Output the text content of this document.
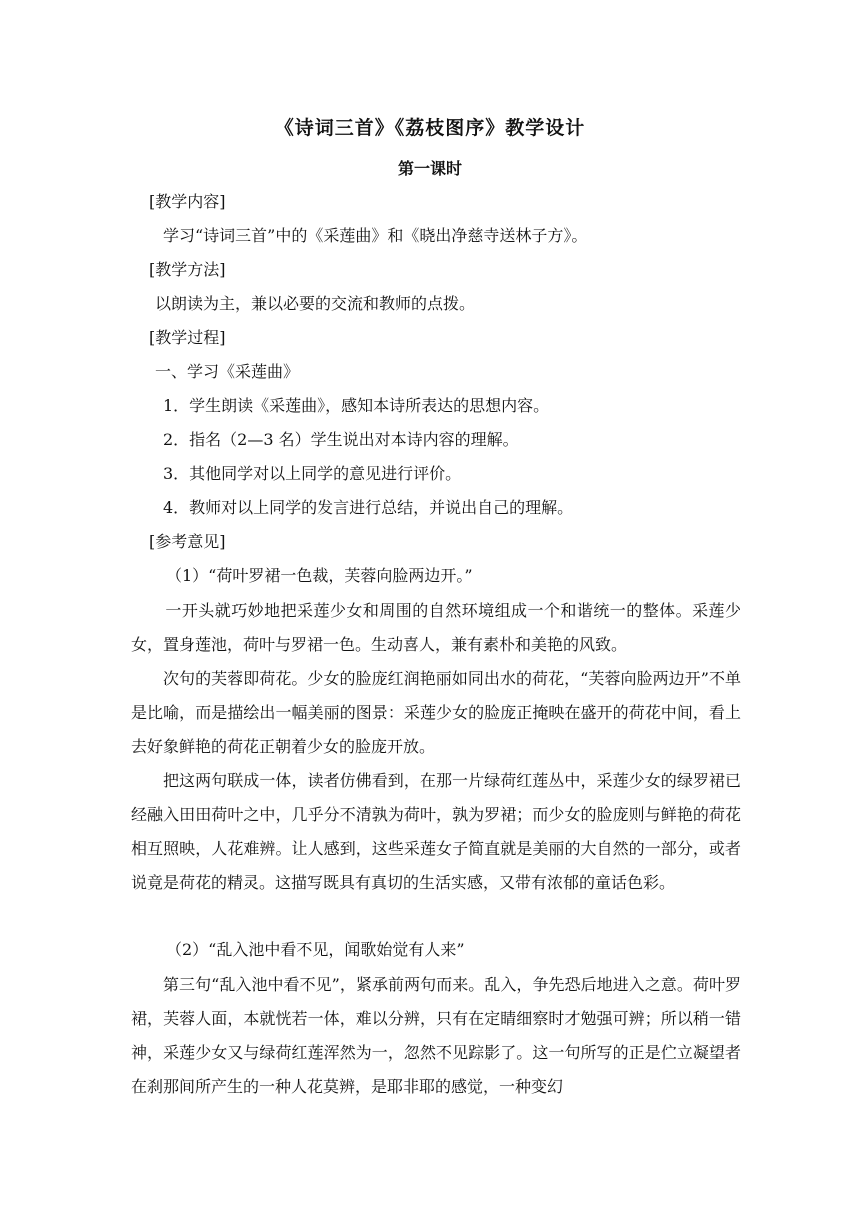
《诗词三首》《荔枝图序》教学设计
第一课时
[教学内容]
学习“诗词三首”中的《采莲曲》和《晓出净慈寺送林子方》。
[教学方法]
以朗读为主，兼以必要的交流和教师的点拨。
[教学过程]
一、学习《采莲曲》
1．学生朗读《采莲曲》，感知本诗所表达的思想内容。
2．指名（2—3 名）学生说出对本诗内容的理解。
3．其他同学对以上同学的意见进行评价。
4．教师对以上同学的发言进行总结，并说出自己的理解。
[参考意见]
（1）“荷叶罗裙一色裁，芙蓉向脸两边开。”
一开头就巧妙地把采莲少女和周围的自然环境组成一个和谐统一的整体。采莲少女，置身莲池，荷叶与罗裙一色。生动喜人，兼有素朴和美艳的风致。
次句的芙蓉即荷花。少女的脸庞红润艳丽如同出水的荷花，“芙蓉向脸两边开”不单是比喻，而是描绘出一幅美丽的图景：采莲少女的脸庞正掩映在盛开的荷花中间，看上去好象鲜艳的荷花正朝着少女的脸庞开放。
把这两句联成一体，读者仿佛看到，在那一片绿荷红莲丛中，采莲少女的绿罗裙已经融入田田荷叶之中，几乎分不清孰为荷叶，孰为罗裙；而少女的脸庞则与鲜艳的荷花相互照映，人花难辨。让人感到，这些采莲女子简直就是美丽的大自然的一部分，或者说竟是荷花的精灵。这描写既具有真切的生活实感，又带有浓郁的童话色彩。
（2）“乱入池中看不见，闻歌始觉有人来”
第三句“乱入池中看不见”，紧承前两句而来。乱入，争先恐后地进入之意。荷叶罗裙，芙蓉人面，本就恍若一体，难以分辨，只有在定睛细察时才勉强可辨；所以稍一错神，采莲少女又与绿荷红莲浑然为一，忽然不见踪影了。这一句所写的正是伫立凝望者在刹那间所产生的一种人花莫辨，是耶非耶的感觉，一种变幻
